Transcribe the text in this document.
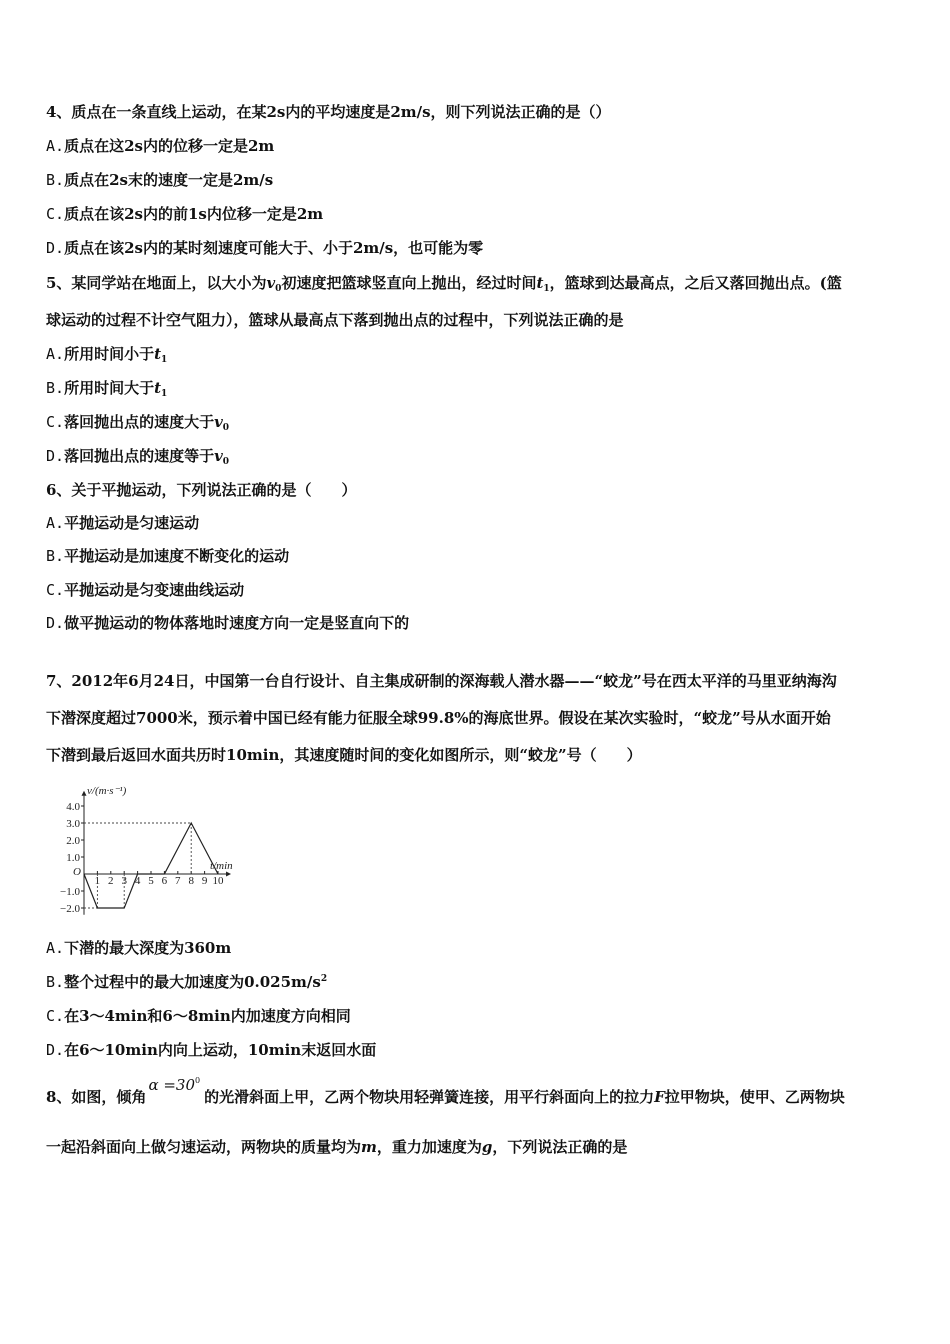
4、质点在一条直线上运动，在某2s内的平均速度是2m/s，则下列说法正确的是（）
A.质点在这2s内的位移一定是2m
B.质点在2s末的速度一定是2m/s
C.质点在该2s内的前1s内位移一定是2m
D.质点在该2s内的某时刻速度可能大于、小于2m/s，也可能为零
5、某同学站在地面上，以大小为$v_0$初速度把篮球竖直向上抛出，经过时间$t_1$，篮球到达最高点，之后又落回抛出点。(篮
球运动的过程不计空气阻力），篮球从最高点下落到抛出点的过程中，下列说法正确的是
A.所用时间小于$t_1$
B.所用时间大于$t_1$
C.落回抛出点的速度大于$v_0$
D.落回抛出点的速度等于$v_0$
6、关于平抛运动，下列说法正确的是（　　）
A.平抛运动是匀速运动
B.平抛运动是加速度不断变化的运动
C.平抛运动是匀变速曲线运动
D.做平抛运动的物体落地时速度方向一定是竖直向下的
7、2012年6月24日，中国第一台自行设计、自主集成研制的深海载人潜水器——“蛟龙”号在西太平洋的马里亚纳海沟
下潜深度超过7000米，预示着中国已经有能力征服全球99.8%的海底世界。假设在某次实验时，“蛟龙”号从水面开始
下潜到最后返回水面共历时10min，其速度随时间的变化如图所示，则“蛟龙”号（　　）
v/(m·s⁻¹)
t/min
O
4.0
3.0
2.0
1.0
−1.0
−2.0
1 2 3 4 5 6 7 8 9 10
A.下潜的最大深度为360m
B.整个过程中的最大加速度为$0.025m/s^2$
C.在3～4min和6～8min内加速度方向相同
D.在6～10min内向上运动，10min末返回水面
8、如图，倾角$\alpha =30^0$的光滑斜面上甲，乙两个物块用轻弹簧连接，用平行斜面向上的拉力F拉甲物块，使甲、乙两物块
一起沿斜面向上做匀速运动，两物块的质量均为m，重力加速度为g，下列说法正确的是
